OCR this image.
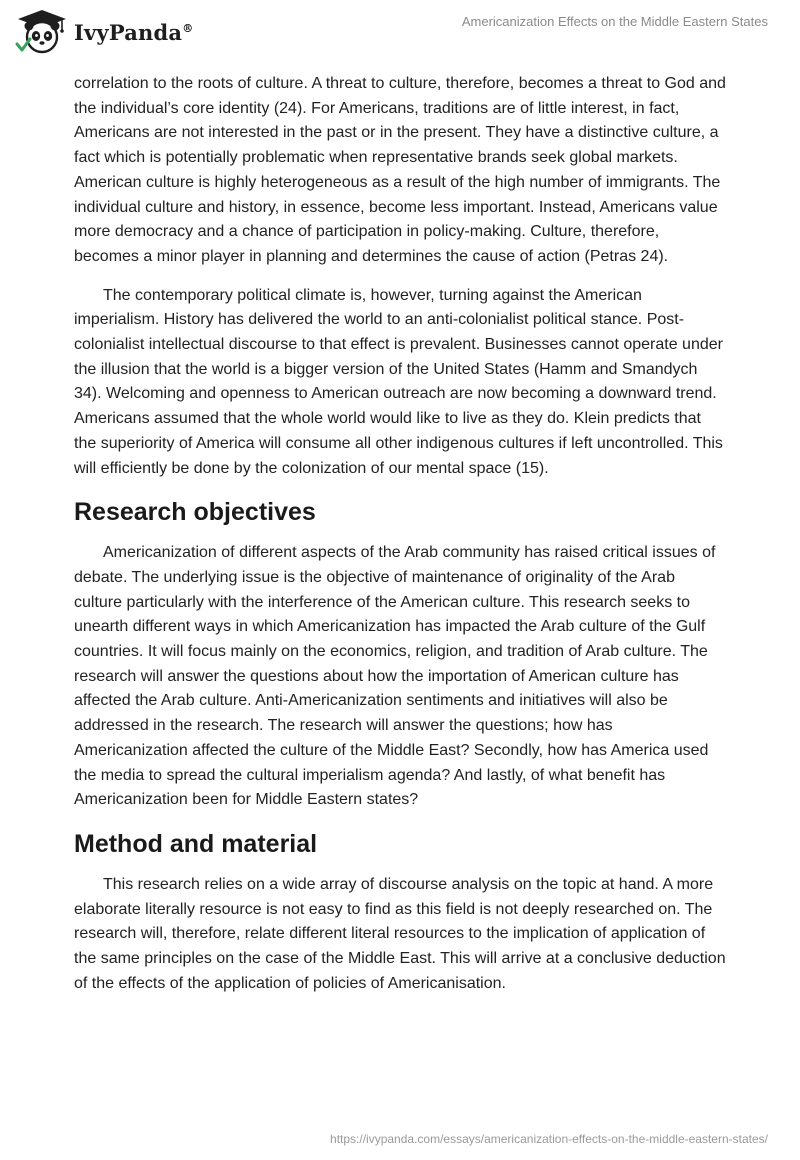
IvyPanda®	Americanization Effects on the Middle Eastern States

correlation to the roots of culture. A threat to culture, therefore, becomes a threat to God and the individual’s core identity (24). For Americans, traditions are of little interest, in fact, Americans are not interested in the past or in the present. They have a distinctive culture, a fact which is potentially problematic when representative brands seek global markets. American culture is highly heterogeneous as a result of the high number of immigrants. The individual culture and history, in essence, become less important. Instead, Americans value more democracy and a chance of participation in policy-making. Culture, therefore, becomes a minor player in planning and determines the cause of action (Petras 24).

The contemporary political climate is, however, turning against the American imperialism. History has delivered the world to an anti-colonialist political stance. Post-colonialist intellectual discourse to that effect is prevalent. Businesses cannot operate under the illusion that the world is a bigger version of the United States (Hamm and Smandych 34). Welcoming and openness to American outreach are now becoming a downward trend. Americans assumed that the whole world would like to live as they do. Klein predicts that the superiority of America will consume all other indigenous cultures if left uncontrolled. This will efficiently be done by the colonization of our mental space (15).

Research objectives

Americanization of different aspects of the Arab community has raised critical issues of debate. The underlying issue is the objective of maintenance of originality of the Arab culture particularly with the interference of the American culture. This research seeks to unearth different ways in which Americanization has impacted the Arab culture of the Gulf countries. It will focus mainly on the economics, religion, and tradition of Arab culture. The research will answer the questions about how the importation of American culture has affected the Arab culture. Anti-Americanization sentiments and initiatives will also be addressed in the research. The research will answer the questions; how has Americanization affected the culture of the Middle East? Secondly, how has America used the media to spread the cultural imperialism agenda? And lastly, of what benefit has Americanization been for Middle Eastern states?

Method and material

This research relies on a wide array of discourse analysis on the topic at hand. A more elaborate literally resource is not easy to find as this field is not deeply researched on. The research will, therefore, relate different literal resources to the implication of application of the same principles on the case of the Middle East. This will arrive at a conclusive deduction of the effects of the application of policies of Americanisation.

https://ivypanda.com/essays/americanization-effects-on-the-middle-eastern-states/
